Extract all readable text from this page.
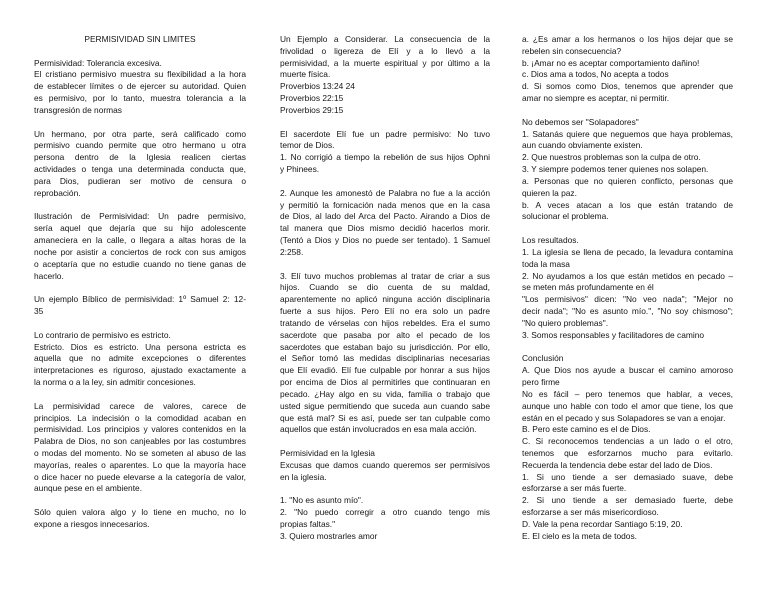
PERMISIVIDAD SIN LIMITES
Permisividad: Tolerancia excesiva.
El cristiano permisivo muestra su flexibilidad a la hora
de establecer límites o de ejercer su autoridad. Quien
es permisivo, por lo tanto, muestra tolerancia a la
transgresión de normas
Un hermano, por otra parte, será calificado como
permisivo cuando permite que otro hermano u otra
persona dentro de la Iglesia realicen ciertas
actividades o tenga una determinada conducta que,
para Dios, pudieran ser motivo de censura o
reprobación.
Ilustración de Permisividad: Un padre permisivo,
sería aquel que dejaría que su hijo adolescente
amaneciera en la calle, o llegara a altas horas de la
noche por asistir a conciertos de rock con sus amigos
o aceptaría que no estudie cuando no tiene ganas de
hacerlo.
Un ejemplo Bíblico de permisividad: 1º Samuel 2: 12-
35
Lo contrario de permisivo es estricto.
Estricto. Dios es estricto. Una persona estricta es
aquella que no admite excepciones o diferentes
interpretaciones es riguroso, ajustado exactamente a
la norma o a la ley, sin admitir concesiones.
La permisividad carece de valores, carece de
principios. La indecisión o la comodidad acaban en
permisividad. Los principios y valores contenidos en la
Palabra de Dios, no son canjeables por las costumbres
o modas del momento. No se someten al abuso de las
mayorías, reales o aparentes. Lo que la mayoría hace
o dice hacer no puede elevarse a la categoría de valor,
aunque pese en el ambiente.
Sólo quien valora algo y lo tiene en mucho, no lo
expone a riesgos innecesarios.
Un Ejemplo a Considerar. La consecuencia de la
frivolidad o ligereza de Elí y a lo llevó a la
permisividad, a la muerte espiritual y por último a la
muerte física.
Proverbios 13:24 24
Proverbios 22:15
Proverbios 29:15
El sacerdote Elí fue un padre permisivo: No tuvo
temor de Dios.
1. No corrigió a tiempo la rebelión de sus hijos Ophni
y Phinees.
2. Aunque les amonestó de Palabra no fue a la acción
y permitió la fornicación nada menos que en la casa
de Dios, al lado del Arca del Pacto. Airando a Dios de
tal manera que Dios mismo decidió hacerlos morir.
(Tentó a Dios y Dios no puede ser tentado). 1 Samuel
2:258.
3. Elí tuvo muchos problemas al tratar de criar a sus
hijos. Cuando se dio cuenta de su maldad,
aparentemente no aplicó ninguna acción disciplinaria
fuerte a sus hijos. Pero Elí no era solo un padre
tratando de vérselas con hijos rebeldes. Era el sumo
sacerdote que pasaba por alto el pecado de los
sacerdotes que estaban bajo su jurisdicción. Por ello,
el Señor tomó las medidas disciplinarias necesarias
que Elí evadió. Elí fue culpable por honrar a sus hijos
por encima de Dios al permitirles que continuaran en
pecado. ¿Hay algo en su vida, familia o trabajo que
usted sigue permitiendo que suceda aun cuando sabe
que está mal? Si es así, puede ser tan culpable como
aquellos que están involucrados en esa mala acción.
Permisividad en la Iglesia
Excusas que damos cuando queremos ser permisivos
en la iglesia.
1. "No es asunto mío".
2. "No puedo corregir a otro cuando tengo mis
propias faltas."
3. Quiero mostrarles amor
a. ¿Es amar a los hermanos o los hijos dejar que se
rebelen sin consecuencia?
b. ¡Amar no es aceptar comportamiento dañino!
c. Dios ama a todos, No acepta a todos
d. Si somos como Dios, tenemos que aprender que
amar no siempre es aceptar, ni permitir.
No debemos ser "Solapadores"
1. Satanás quiere que neguemos que haya problemas,
aun cuando obviamente existen.
2. Que nuestros problemas son la culpa de otro.
3. Y siempre podemos tener quienes nos solapen.
a. Personas que no quieren conflicto, personas que
quieren la paz.
b. A veces atacan a los que están tratando de
solucionar el problema.
Los resultados.
1. La iglesia se llena de pecado, la levadura contamina
toda la masa
2. No ayudamos a los que están metidos en pecado –
se meten más profundamente en él
"Los permisivos" dicen: "No veo nada"; "Mejor no
decir nada"; "No es asunto mío.", "No soy chismoso";
"No quiero problemas".
3. Somos responsables y facilitadores de camino
Conclusión
A. Que Dios nos ayude a buscar el camino amoroso
pero firme
No es fácil – pero tenemos que hablar, a veces,
aunque uno hable con todo el amor que tiene, los que
están en el pecado y sus Solapadores se van a enojar.
B. Pero este camino es el de Dios.
C. Si reconocemos tendencias a un lado o el otro,
tenemos que esforzarnos mucho para evitarlo.
Recuerda la tendencia debe estar del lado de Dios.
1. Si uno tiende a ser demasiado suave, debe
esforzarse a ser más fuerte.
2. Si uno tiende a ser demasiado fuerte, debe
esforzarse a ser más misericordioso.
D. Vale la pena recordar Santiago 5:19, 20.
E. El cielo es la meta de todos.
